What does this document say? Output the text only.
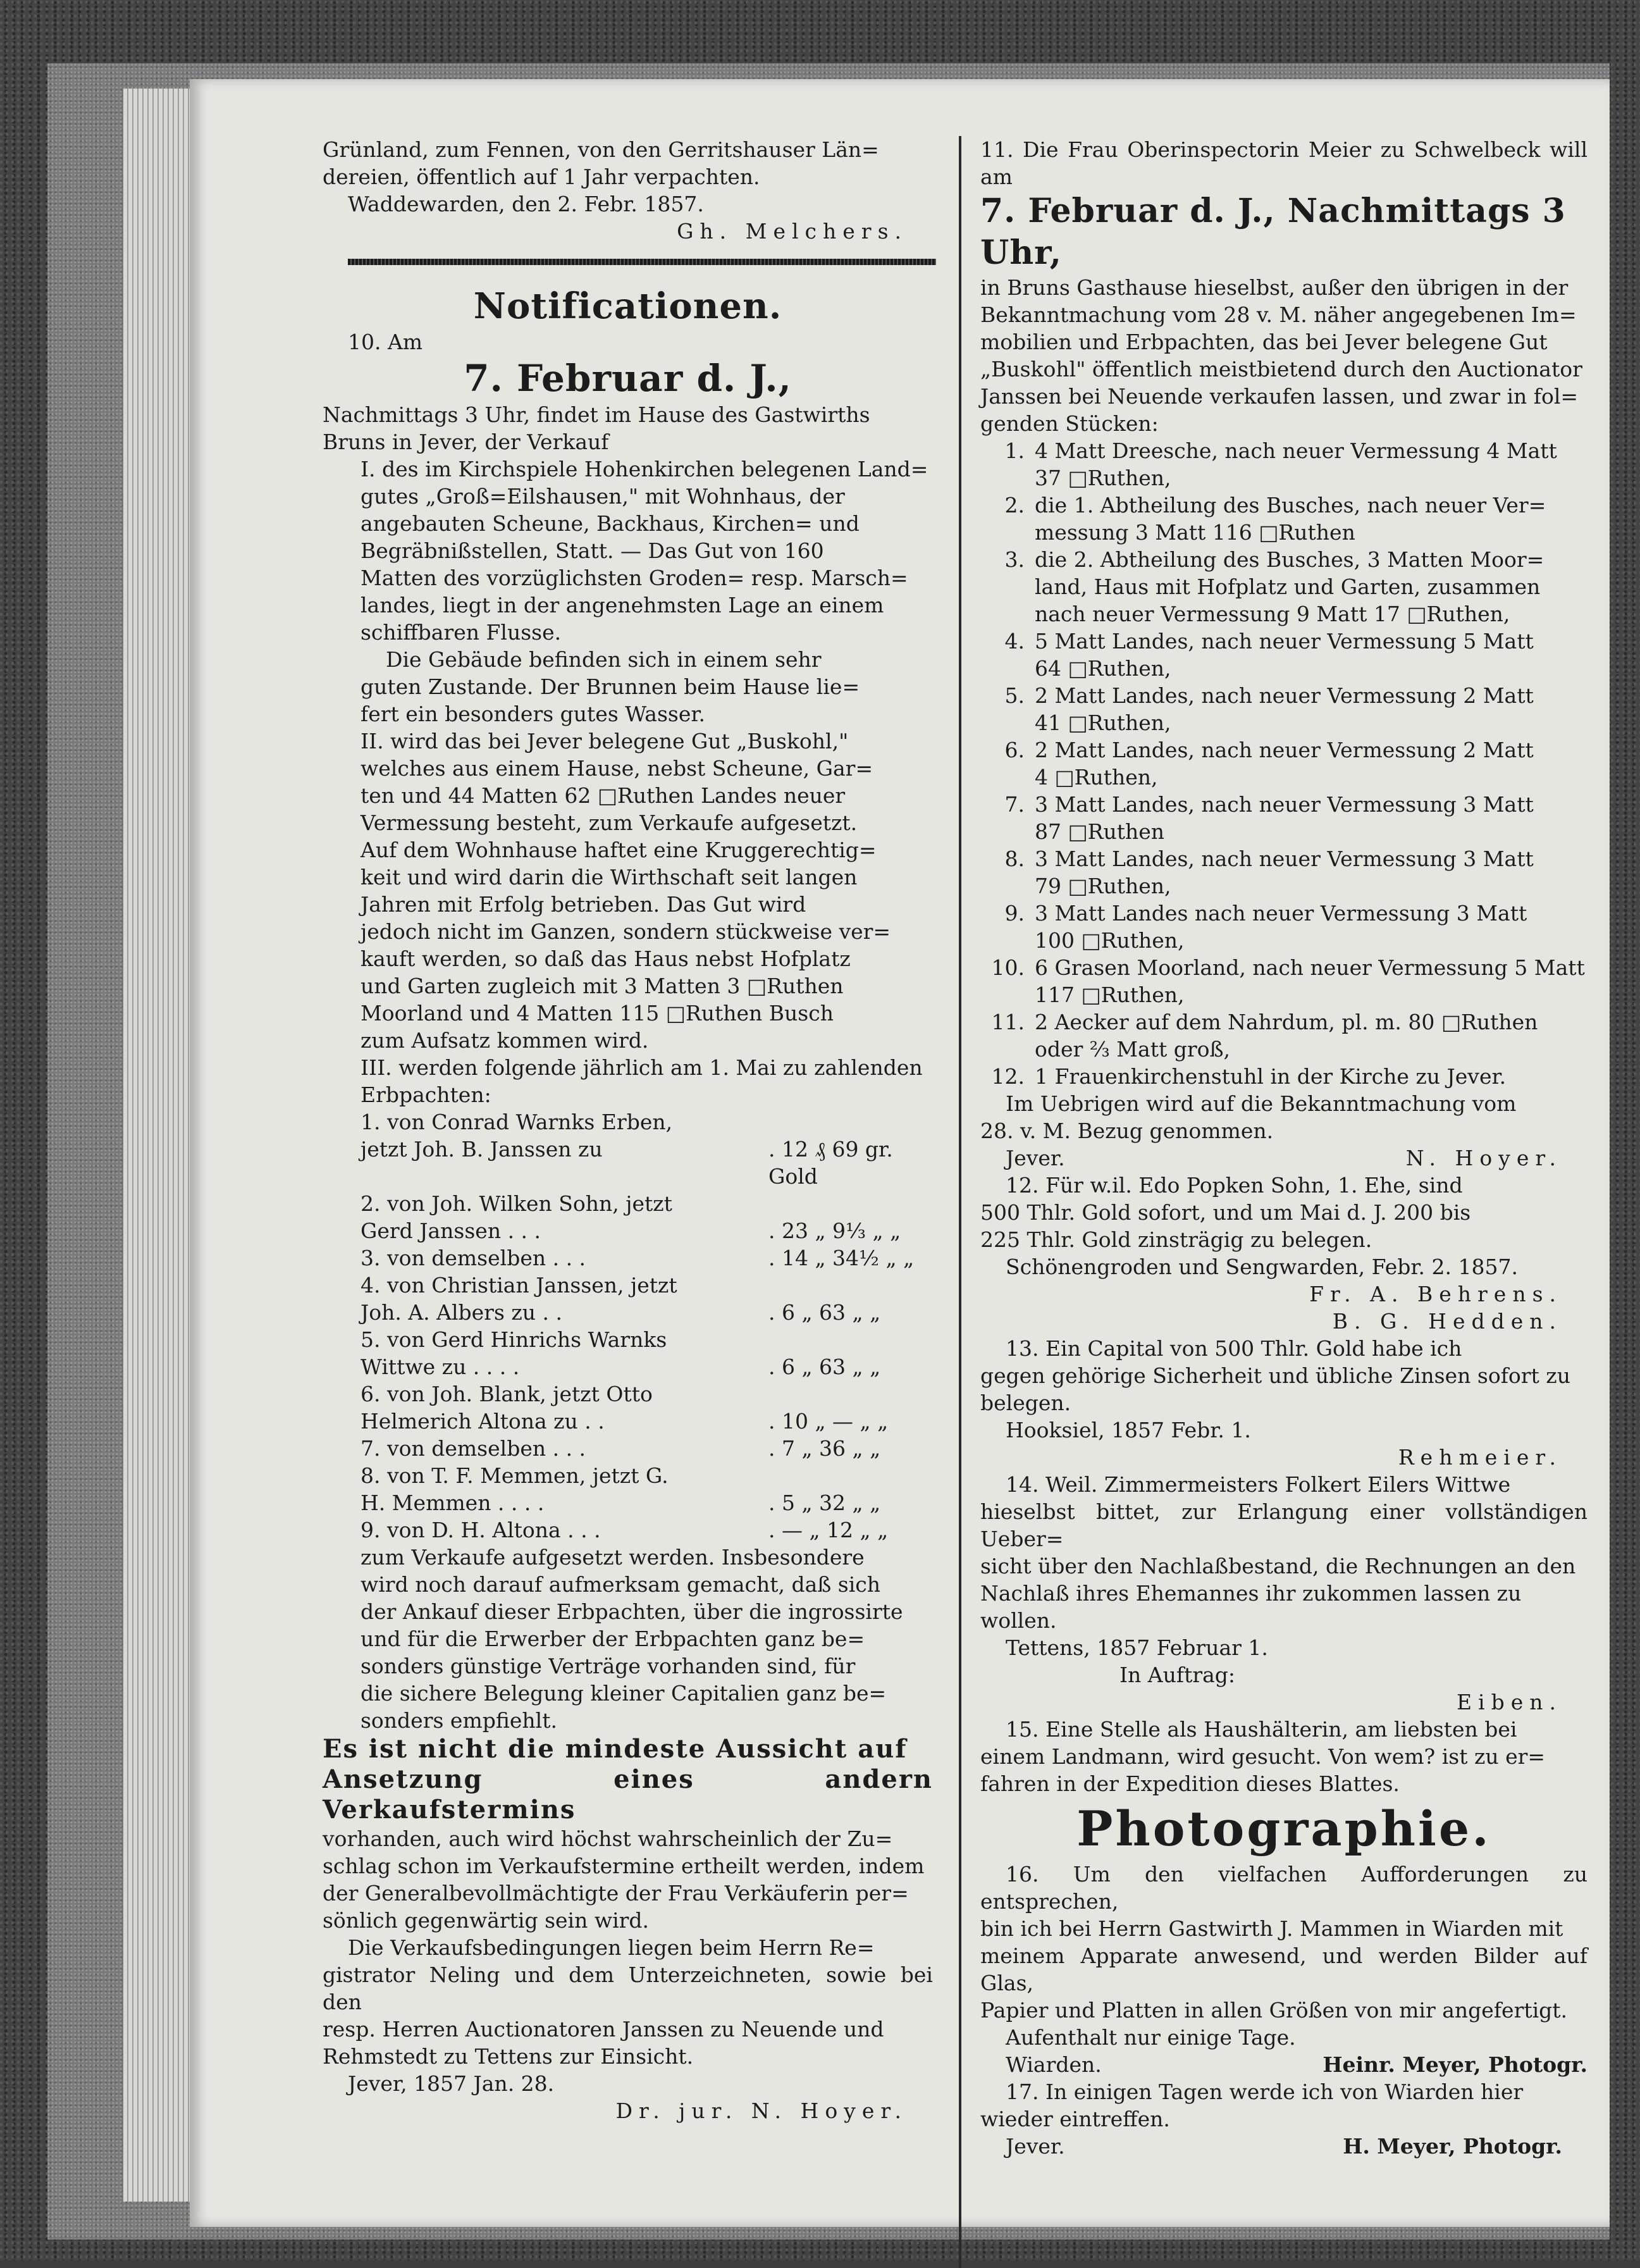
Grünland, zum Fennen, von den Gerritshauser Län=

dereien, öffentlich auf 1 Jahr verpachten.

Waddewarden, den 2. Febr. 1857.

Gh. Melchers.

Notificationen.

10. Am

7. Februar d. J.,

Nachmittags 3 Uhr, findet im Hause des Gastwirths

Bruns in Jever, der Verkauf

I. des im Kirchspiele Hohenkirchen belegenen Land=

gutes „Groß=Eilshausen," mit Wohnhaus, der

angebauten Scheune, Backhaus, Kirchen= und

Begräbnißstellen, Statt. — Das Gut von 160

Matten des vorzüglichsten Groden= resp. Marsch=

landes, liegt in der angenehmsten Lage an einem

schiffbaren Flusse.

Die Gebäude befinden sich in einem sehr

guten Zustande. Der Brunnen beim Hause lie=

fert ein besonders gutes Wasser.

II. wird das bei Jever belegene Gut „Buskohl,"

welches aus einem Hause, nebst Scheune, Gar=

ten und 44 Matten 62 □Ruthen Landes neuer

Vermessung besteht, zum Verkaufe aufgesetzt.

Auf dem Wohnhause haftet eine Kruggerechtig=

keit und wird darin die Wirthschaft seit langen

Jahren mit Erfolg betrieben. Das Gut wird

jedoch nicht im Ganzen, sondern stückweise ver=

kauft werden, so daß das Haus nebst Hofplatz

und Garten zugleich mit 3 Matten 3 □Ruthen

Moorland und 4 Matten 115 □Ruthen Busch

zum Aufsatz kommen wird.

III. werden folgende jährlich am 1. Mai zu zahlenden

Erbpachten:

1. von Conrad Warnks Erben,
jetzt Joh. B. Janssen zu	. 12 ₰ 69 gr. Gold
2. von Joh. Wilken Sohn, jetzt
Gerd Janssen . . .	. 23 „ 9⅓ „ „
3. von demselben . . .	. 14 „ 34½ „ „
4. von Christian Janssen, jetzt
Joh. A. Albers zu . .	. 6 „ 63 „ „
5. von Gerd Hinrichs Warnks
Wittwe zu . . . .	. 6 „ 63 „ „
6. von Joh. Blank, jetzt Otto
Helmerich Altona zu . .	. 10 „ — „ „
7. von demselben . . .	. 7 „ 36 „ „
8. von T. F. Memmen, jetzt G.
H. Memmen . . . .	. 5 „ 32 „ „
9. von D. H. Altona . . .	. — „ 12 „ „

zum Verkaufe aufgesetzt werden. Insbesondere

wird noch darauf aufmerksam gemacht, daß sich

der Ankauf dieser Erbpachten, über die ingrossirte

und für die Erwerber der Erbpachten ganz be=

sonders günstige Verträge vorhanden sind, für

die sichere Belegung kleiner Capitalien ganz be=

sonders empfiehlt.

Es ist nicht die mindeste Aussicht auf

Ansetzung eines andern Verkaufstermins

vorhanden, auch wird höchst wahrscheinlich der Zu=

schlag schon im Verkaufstermine ertheilt werden, indem

der Generalbevollmächtigte der Frau Verkäuferin per=

sönlich gegenwärtig sein wird.

Die Verkaufsbedingungen liegen beim Herrn Re=

gistrator Neling und dem Unterzeichneten, sowie bei den

resp. Herren Auctionatoren Janssen zu Neuende und

Rehmstedt zu Tettens zur Einsicht.

Jever, 1857 Jan. 28.

Dr. jur. N. Hoyer.

11. Die Frau Oberinspectorin Meier zu Schwelbeck will am

7. Februar d. J., Nachmittags 3 Uhr,

in Bruns Gasthause hieselbst, außer den übrigen in der

Bekanntmachung vom 28 v. M. näher angegebenen Im=

mobilien und Erbpachten, das bei Jever belegene Gut

„Buskohl" öffentlich meistbietend durch den Auctionator

Janssen bei Neuende verkaufen lassen, und zwar in fol=

genden Stücken:

1. 4 Matt Dreesche, nach neuer Vermessung 4 Matt
37 □Ruthen,
2. die 1. Abtheilung des Busches, nach neuer Ver=
messung 3 Matt 116 □Ruthen
3. die 2. Abtheilung des Busches, 3 Matten Moor=
land, Haus mit Hofplatz und Garten, zusammen
nach neuer Vermessung 9 Matt 17 □Ruthen,
4. 5 Matt Landes, nach neuer Vermessung 5 Matt
64 □Ruthen,
5. 2 Matt Landes, nach neuer Vermessung 2 Matt
41 □Ruthen,
6. 2 Matt Landes, nach neuer Vermessung 2 Matt
4 □Ruthen,
7. 3 Matt Landes, nach neuer Vermessung 3 Matt
87 □Ruthen
8. 3 Matt Landes, nach neuer Vermessung 3 Matt
79 □Ruthen,
9. 3 Matt Landes nach neuer Vermessung 3 Matt
100 □Ruthen,
10. 6 Grasen Moorland, nach neuer Vermessung 5 Matt
117 □Ruthen,
11. 2 Aecker auf dem Nahrdum, pl. m. 80 □Ruthen
oder ⅔ Matt groß,
12. 1 Frauenkirchenstuhl in der Kirche zu Jever.

Im Uebrigen wird auf die Bekanntmachung vom

28. v. M. Bezug genommen.

Jever.	N. Hoyer.

12. Für w.il. Edo Popken Sohn, 1. Ehe, sind

500 Thlr. Gold sofort, und um Mai d. J. 200 bis

225 Thlr. Gold zinsträgig zu belegen.

Schönengroden und Sengwarden, Febr. 2. 1857.

Fr. A. Behrens.

B. G. Hedden.

13. Ein Capital von 500 Thlr. Gold habe ich

gegen gehörige Sicherheit und übliche Zinsen sofort zu

belegen.

Hooksiel, 1857 Febr. 1.

Rehmeier.

14. Weil. Zimmermeisters Folkert Eilers Wittwe

hieselbst bittet, zur Erlangung einer vollständigen Ueber=

sicht über den Nachlaßbestand, die Rechnungen an den

Nachlaß ihres Ehemannes ihr zukommen lassen zu

wollen.

Tettens, 1857 Februar 1.

In Auftrag:

Eiben.

15. Eine Stelle als Haushälterin, am liebsten bei

einem Landmann, wird gesucht. Von wem? ist zu er=

fahren in der Expedition dieses Blattes.

Photographie.

16. Um den vielfachen Aufforderungen zu entsprechen,

bin ich bei Herrn Gastwirth J. Mammen in Wiarden mit

meinem Apparate anwesend, und werden Bilder auf Glas,

Papier und Platten in allen Größen von mir angefertigt.

Aufenthalt nur einige Tage.

Wiarden.	Heinr. Meyer, Photogr.

17. In einigen Tagen werde ich von Wiarden hier

wieder eintreffen.

Jever.	H. Meyer, Photogr.
